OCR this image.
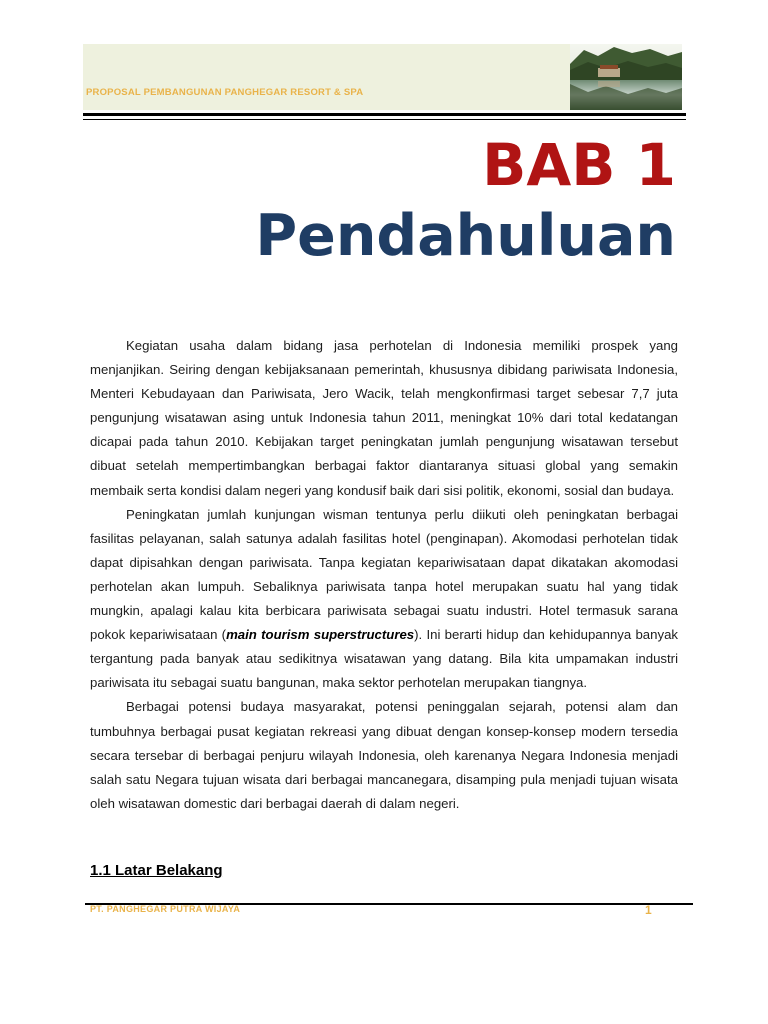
PROPOSAL PEMBANGUNAN PANGHEGAR RESORT & SPA
BAB 1
Pendahuluan

Kegiatan usaha dalam bidang jasa perhotelan di Indonesia memiliki prospek yang menjanjikan. Seiring dengan kebijaksanaan pemerintah, khususnya dibidang pariwisata Indonesia, Menteri Kebudayaan dan Pariwisata, Jero Wacik, telah mengkonfirmasi target sebesar 7,7 juta pengunjung wisatawan asing untuk Indonesia tahun 2011, meningkat 10% dari total kedatangan dicapai pada tahun 2010. Kebijakan target peningkatan jumlah pengunjung wisatawan tersebut dibuat setelah mempertimbangkan berbagai faktor diantaranya situasi global yang semakin membaik serta kondisi dalam negeri yang kondusif baik dari sisi politik, ekonomi, sosial dan budaya.

Peningkatan jumlah kunjungan wisman tentunya perlu diikuti oleh peningkatan berbagai fasilitas pelayanan, salah satunya adalah fasilitas hotel (penginapan). Akomodasi perhotelan tidak dapat dipisahkan dengan pariwisata. Tanpa kegiatan kepariwisataan dapat dikatakan akomodasi perhotelan akan lumpuh. Sebaliknya pariwisata tanpa hotel merupakan suatu hal yang tidak mungkin, apalagi kalau kita berbicara pariwisata sebagai suatu industri. Hotel termasuk sarana pokok kepariwisataan (main tourism superstructures). Ini berarti hidup dan kehidupannya banyak tergantung pada banyak atau sedikitnya wisatawan yang datang. Bila kita umpamakan industri pariwisata itu sebagai suatu bangunan, maka sektor perhotelan merupakan tiangnya.

Berbagai potensi budaya masyarakat, potensi peninggalan sejarah, potensi alam dan tumbuhnya berbagai pusat kegiatan rekreasi yang dibuat dengan konsep-konsep modern tersedia secara tersebar di berbagai penjuru wilayah Indonesia, oleh karenanya Negara Indonesia menjadi salah satu Negara tujuan wisata dari berbagai mancanegara, disamping pula menjadi tujuan wisata oleh wisatawan domestic dari berbagai daerah di dalam negeri.

1.1 Latar Belakang
PT. PANGHEGAR PUTRA WIJAYA	1
